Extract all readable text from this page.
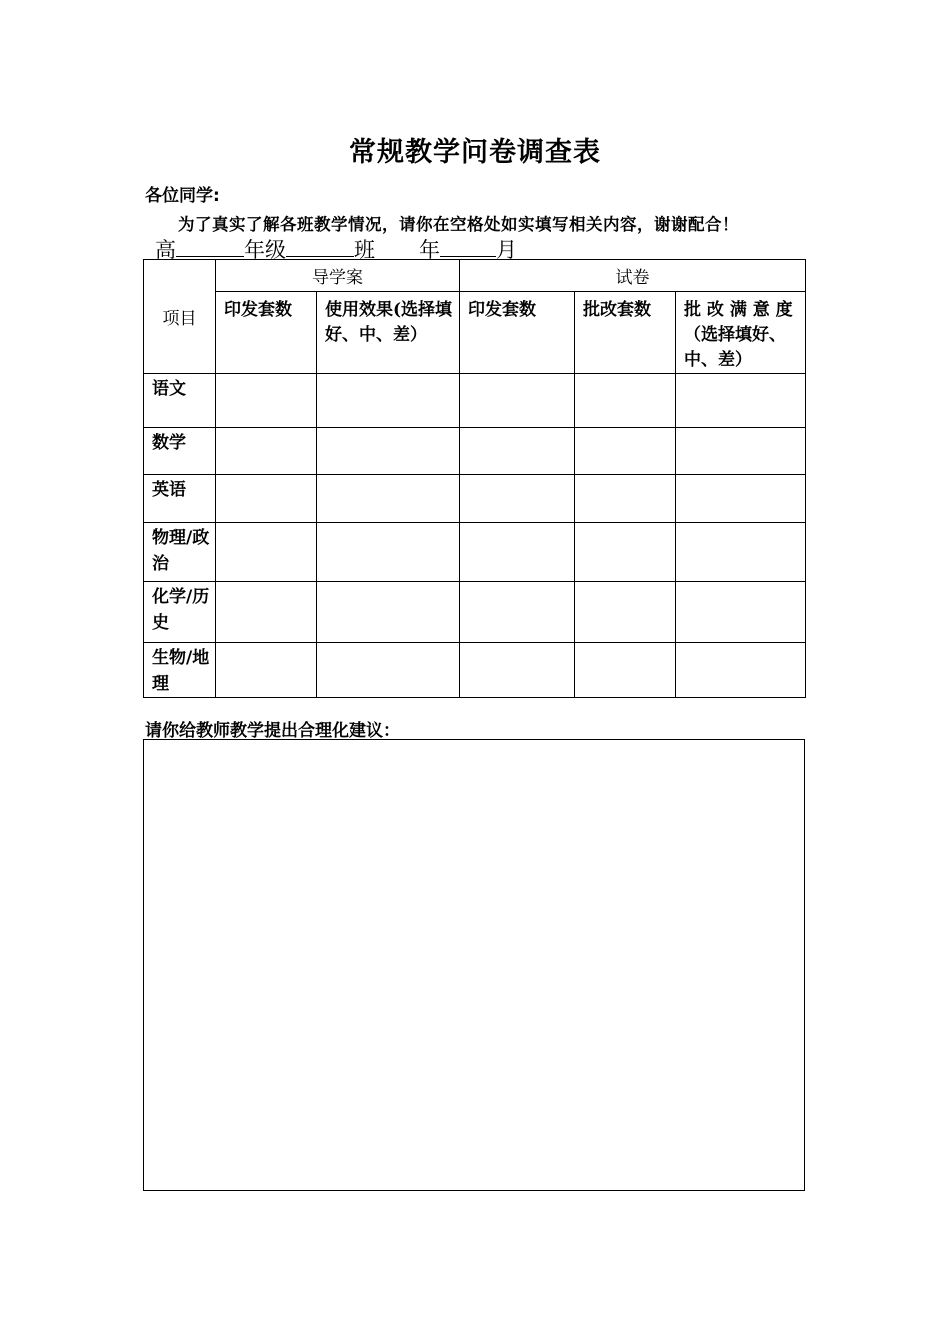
常规教学问卷调查表
各位同学:
为了真实了解各班教学情况，请你在空格处如实填写相关内容，谢谢配合！
高	年级	班 年	月
项目	导学案		试卷		
	印发套数	使用效果(选择填好、中、差）	印发套数	批改套数	批 改 满 意 度（选择填好、中、差）
语文					
数学					
英语					
物理/政治					
化学/历史					
生物/地理					
请你给教师教学提出合理化建议：
